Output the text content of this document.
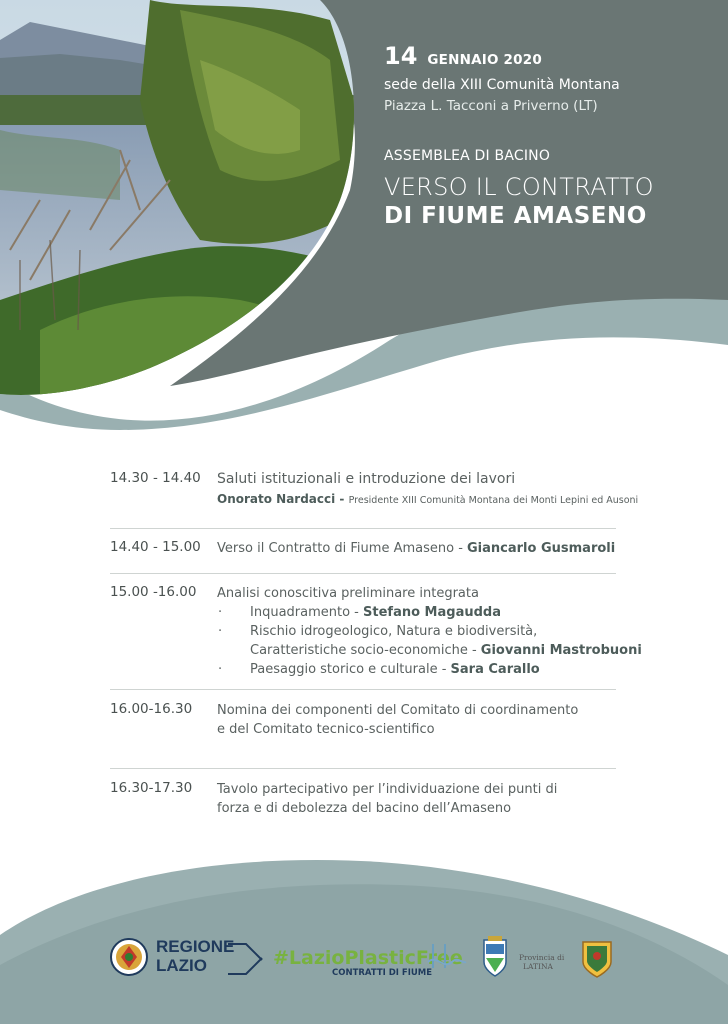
14 GENNAIO 2020
sede della XIII Comunità Montana
Piazza L. Tacconi a Priverno (LT)
ASSEMBLEA DI BACINO
VERSO IL CONTRATTO
DI FIUME AMASENO
14.30 - 14.40	Saluti istituzionali e introduzione dei lavori
Onorato Nardacci - Presidente XIII Comunità Montana dei Monti Lepini ed Ausoni
14.40 - 15.00	Verso il Contratto di Fiume Amaseno - Giancarlo Gusmaroli
15.00 -16.00	Analisi conoscitiva preliminare integrata
·	Inquadramento - Stefano Magaudda
·	Rischio idrogeologico, Natura e biodiversità,
Caratteristiche socio-economiche - Giovanni Mastrobuoni
·	Paesaggio storico e culturale - Sara Carallo
16.00-16.30	Nomina dei componenti del Comitato di coordinamento
e del Comitato tecnico-scientifico
16.30-17.30	Tavolo partecipativo per l’individuazione dei punti di
forza e di debolezza del bacino dell’Amaseno
REGIONE
LAZIO	#LazioPlasticFree
CONTRATTI DI FIUME
Provincia di
LATINA
